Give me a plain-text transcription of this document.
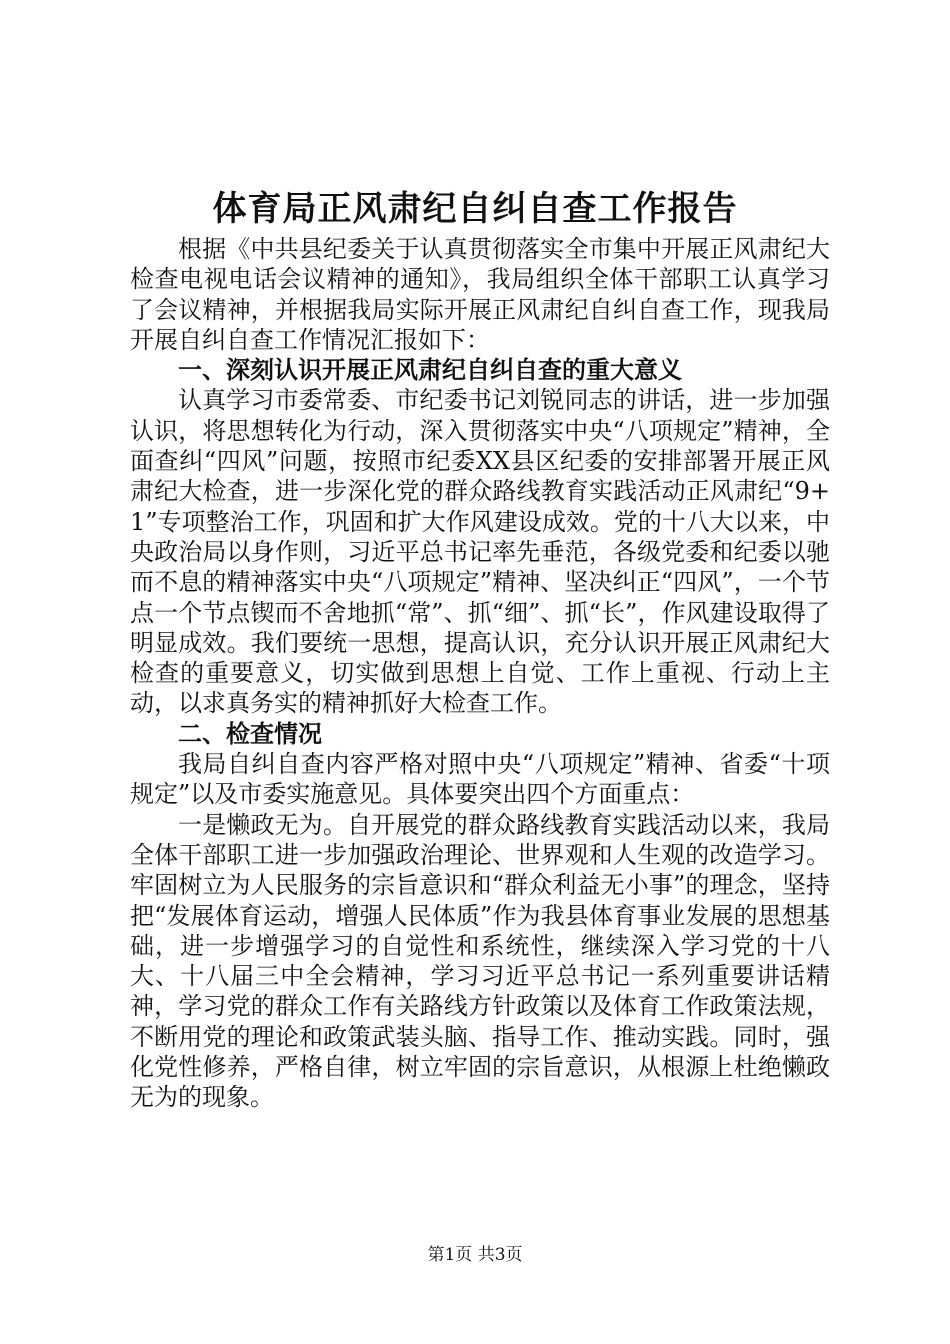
体育局正风肃纪自纠自查工作报告

根据《中共县纪委关于认真贯彻落实全市集中开展正风肃纪大检查电视电话会议精神的通知》，我局组织全体干部职工认真学习了会议精神，并根据我局实际开展正风肃纪自纠自查工作，现我局开展自纠自查工作情况汇报如下：

一、深刻认识开展正风肃纪自纠自查的重大意义

认真学习市委常委、市纪委书记刘锐同志的讲话，进一步加强认识，将思想转化为行动，深入贯彻落实中央“八项规定”精神，全面查纠“四风”问题，按照市纪委XX县区纪委的安排部署开展正风肃纪大检查，进一步深化党的群众路线教育实践活动正风肃纪“9+1”专项整治工作，巩固和扩大作风建设成效。党的十八大以来，中央政治局以身作则，习近平总书记率先垂范，各级党委和纪委以驰而不息的精神落实中央“八项规定”精神、坚决纠正“四风”，一个节点一个节点锲而不舍地抓“常”、抓“细”、抓“长”，作风建设取得了明显成效。我们要统一思想，提高认识，充分认识开展正风肃纪大检查的重要意义，切实做到思想上自觉、工作上重视、行动上主动，以求真务实的精神抓好大检查工作。

二、检查情况

我局自纠自查内容严格对照中央“八项规定”精神、省委“十项规定”以及市委实施意见。具体要突出四个方面重点：

一是懒政无为。自开展党的群众路线教育实践活动以来，我局全体干部职工进一步加强政治理论、世界观和人生观的改造学习。牢固树立为人民服务的宗旨意识和“群众利益无小事”的理念，坚持把“发展体育运动，增强人民体质”作为我县体育事业发展的思想基础，进一步增强学习的自觉性和系统性，继续深入学习党的十八大、十八届三中全会精神，学习习近平总书记一系列重要讲话精神，学习党的群众工作有关路线方针政策以及体育工作政策法规，不断用党的理论和政策武装头脑、指导工作、推动实践。同时，强化党性修养，严格自律，树立牢固的宗旨意识，从根源上杜绝懒政无为的现象。

第1页 共3页
